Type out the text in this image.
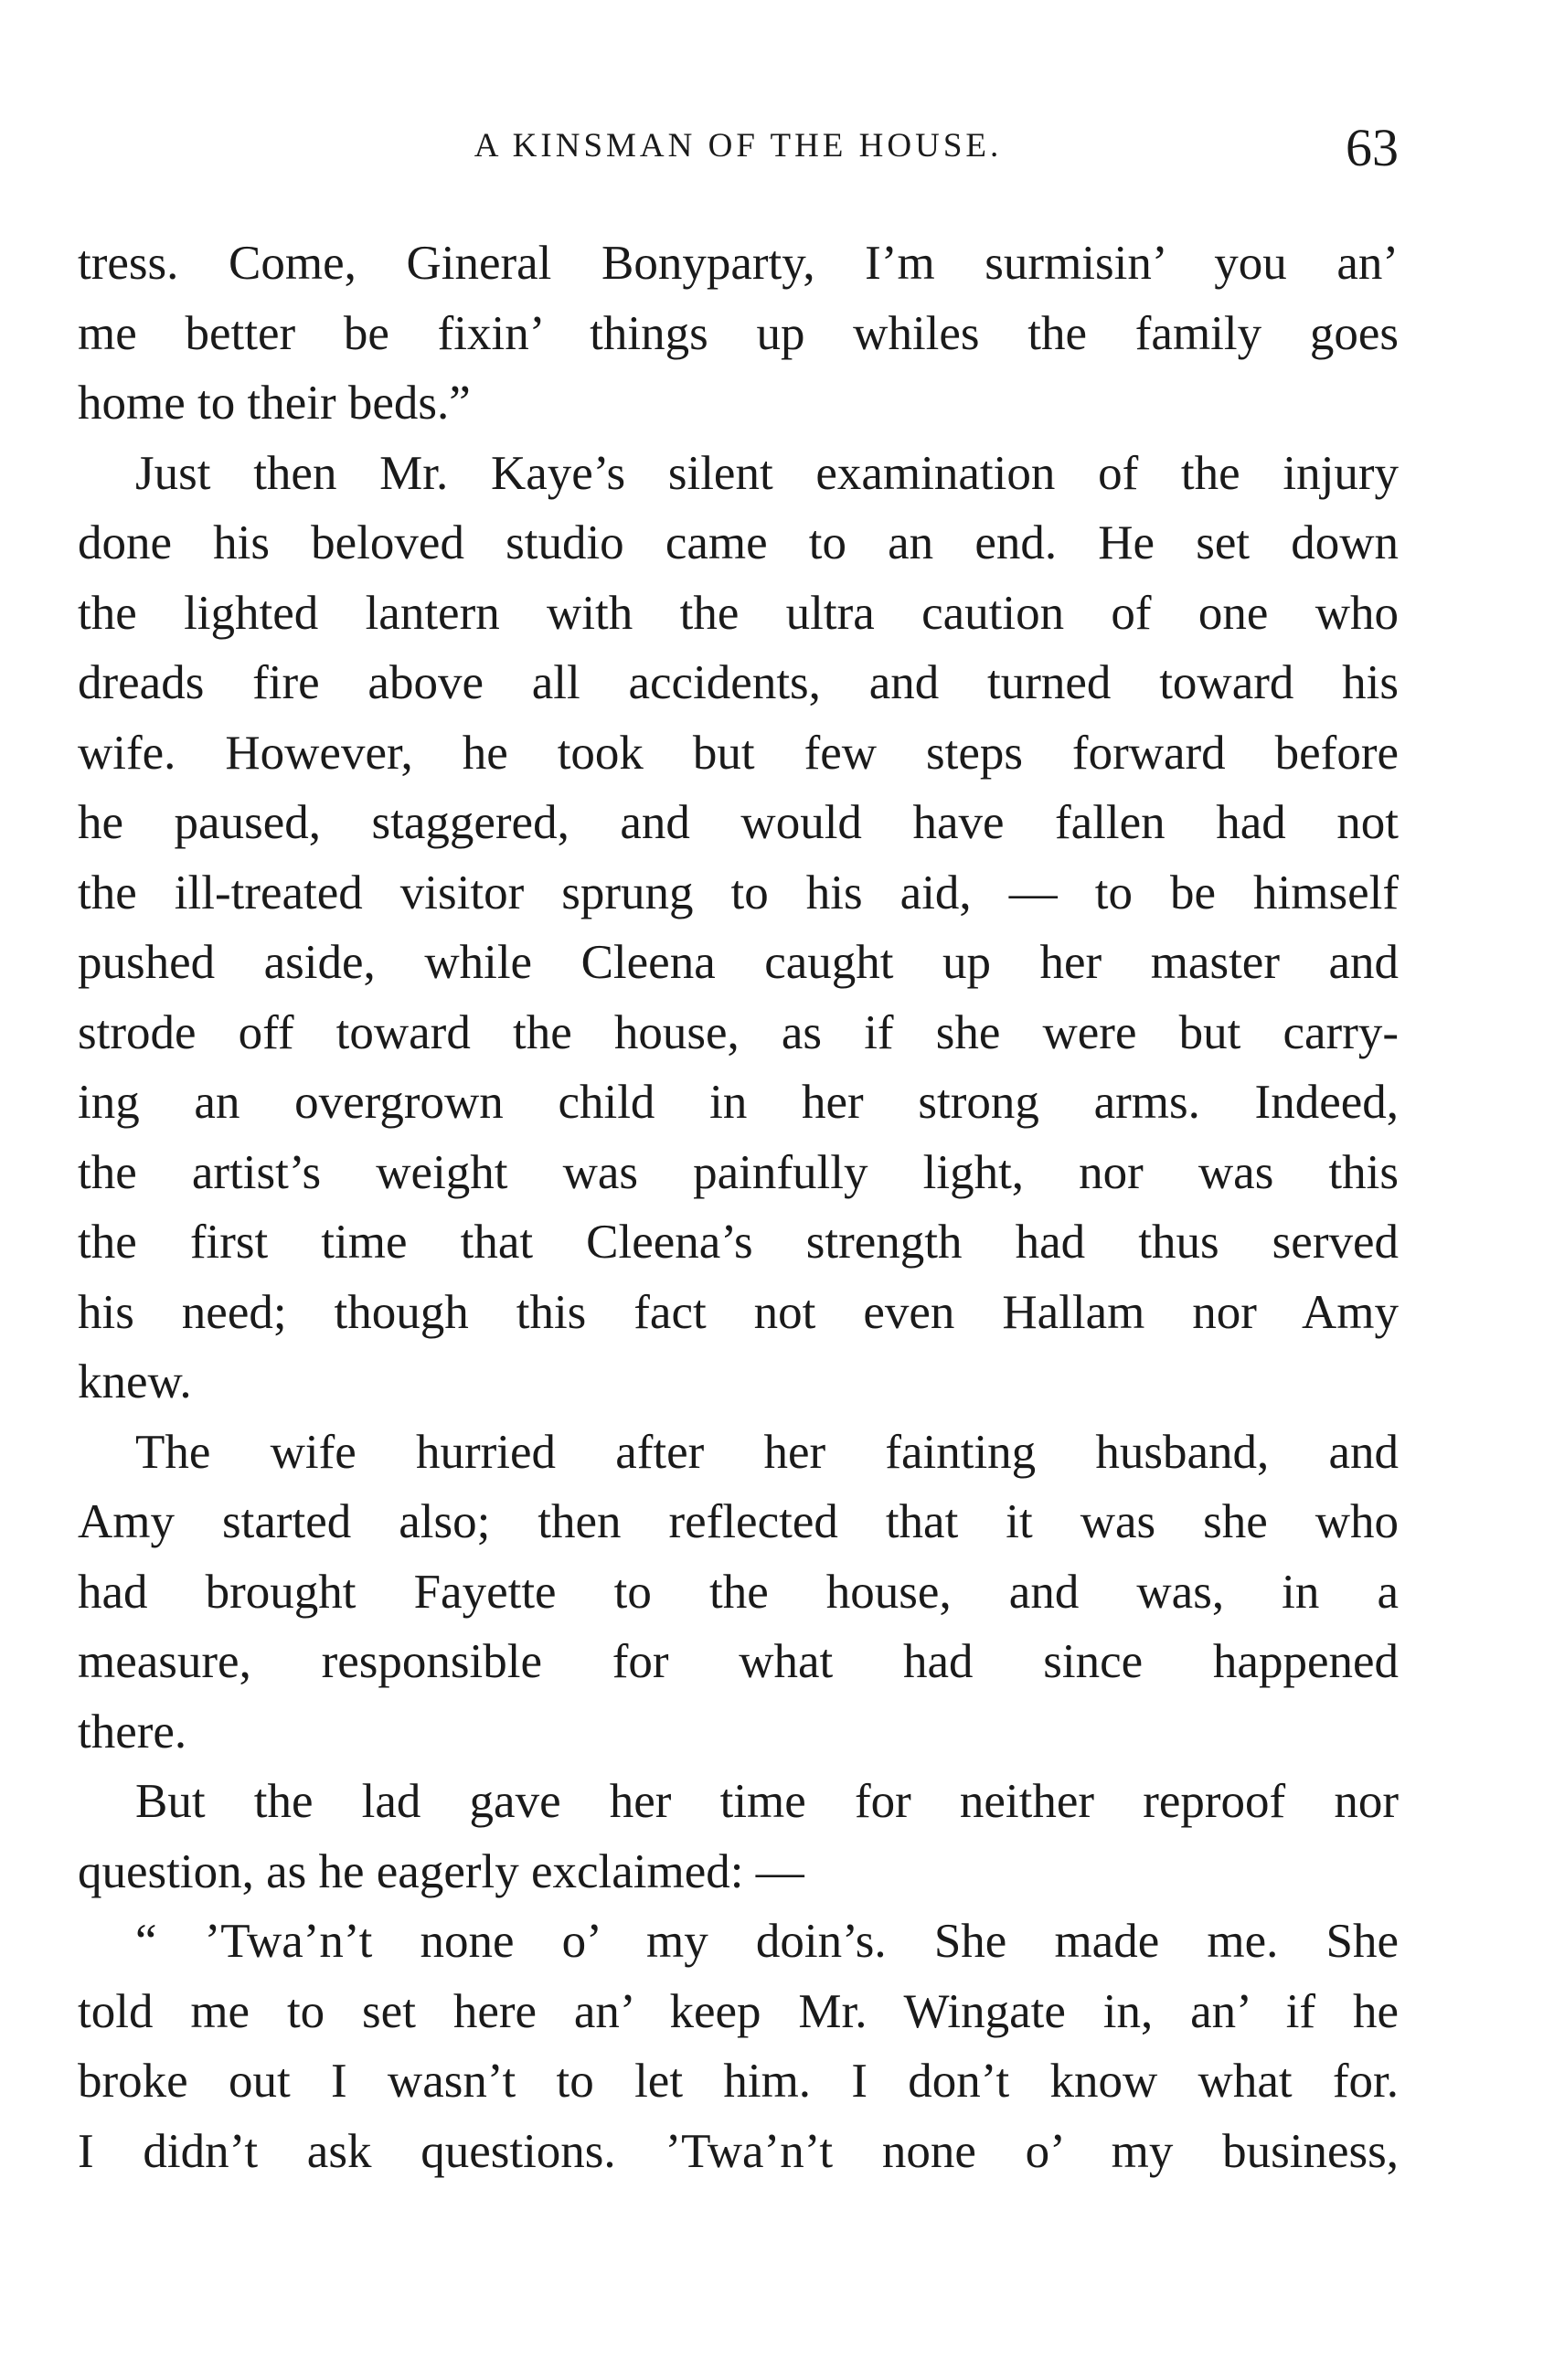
A KINSMAN OF THE HOUSE.	63

tress. Come, Gineral Bonyparty, I’m surmisin’ you an’
me better be fixin’ things up whiles the family goes
home to their beds.”

Just then Mr. Kaye’s silent examination of the injury
done his beloved studio came to an end. He set down
the lighted lantern with the ultra caution of one who
dreads fire above all accidents, and turned toward his
wife. However, he took but few steps forward before
he paused, staggered, and would have fallen had not
the ill-treated visitor sprung to his aid, — to be himself
pushed aside, while Cleena caught up her master and
strode off toward the house, as if she were but carry-
ing an overgrown child in her strong arms. Indeed,
the artist’s weight was painfully light, nor was this
the first time that Cleena’s strength had thus served
his need; though this fact not even Hallam nor Amy
knew.

The wife hurried after her fainting husband, and
Amy started also; then reflected that it was she who
had brought Fayette to the house, and was, in a
measure, responsible for what had since happened
there.

But the lad gave her time for neither reproof nor
question, as he eagerly exclaimed: —

“ ’Twa’n’t none o’ my doin’s. She made me. She
told me to set here an’ keep Mr. Wingate in, an’ if he
broke out I wasn’t to let him. I don’t know what for.
I didn’t ask questions. ’Twa’n’t none o’ my business,
